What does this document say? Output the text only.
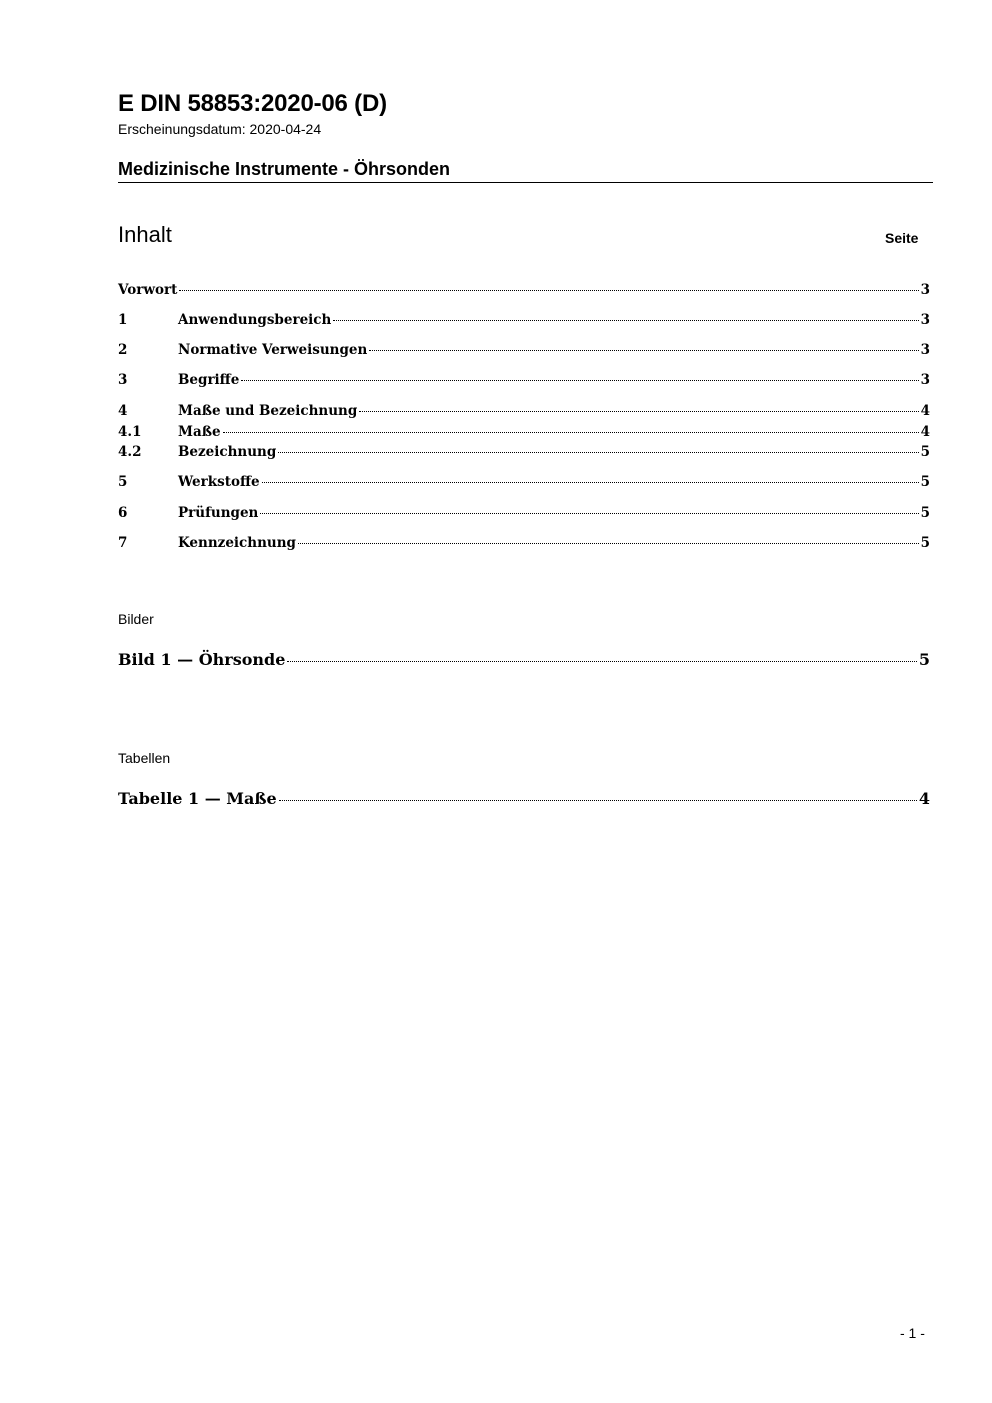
E DIN 58853:2020-06 (D)
Erscheinungsdatum: 2020-04-24
Medizinische Instrumente - Öhrsonden
Inhalt	Seite
Vorwort	3
1	Anwendungsbereich	3
2	Normative Verweisungen	3
3	Begriffe	3
4	Maße und Bezeichnung	4
4.1	Maße	4
4.2	Bezeichnung	5
5	Werkstoffe	5
6	Prüfungen	5
7	Kennzeichnung	5
Bilder
Bild 1 — Öhrsonde	5
Tabellen
Tabelle 1 — Maße	4
- 1 -
